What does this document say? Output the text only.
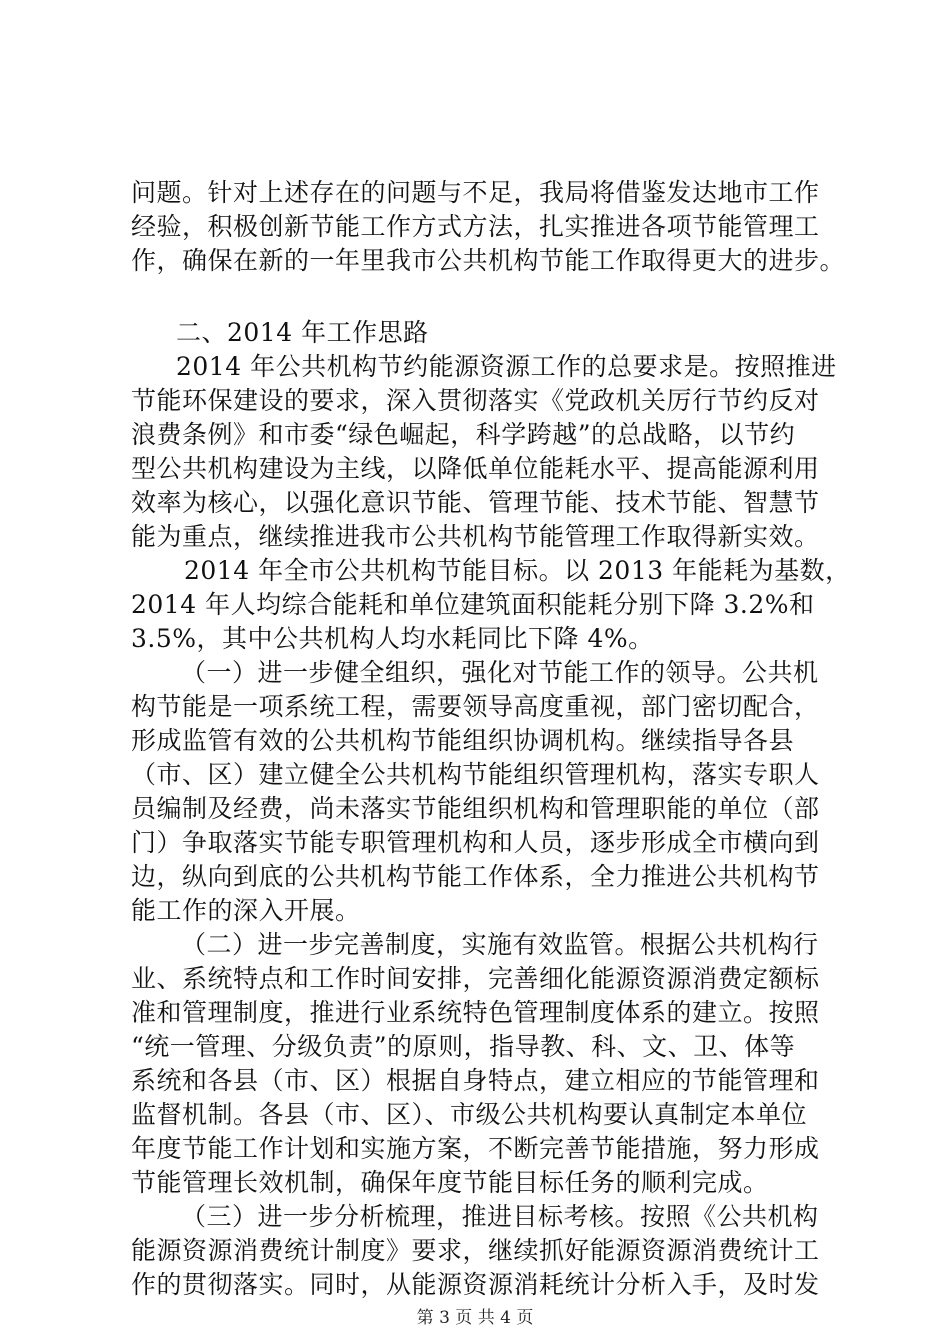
问题。针对上述存在的问题与不足，我局将借鉴发达地市工作
经验，积极创新节能工作方式方法，扎实推进各项节能管理工
作，确保在新的一年里我市公共机构节能工作取得更大的进步。
二、2014 年工作思路
2014 年公共机构节约能源资源工作的总要求是。按照推进
节能环保建设的要求，深入贯彻落实《党政机关厉行节约反对
浪费条例》和市委“绿色崛起，科学跨越”的总战略，以节约
型公共机构建设为主线，以降低单位能耗水平、提高能源利用
效率为核心，以强化意识节能、管理节能、技术节能、智慧节
能为重点，继续推进我市公共机构节能管理工作取得新实效。
2014 年全市公共机构节能目标。以 2013 年能耗为基数，
2014 年人均综合能耗和单位建筑面积能耗分别下降 3.2%和
3.5%，其中公共机构人均水耗同比下降 4%。
（一）进一步健全组织，强化对节能工作的领导。公共机
构节能是一项系统工程，需要领导高度重视，部门密切配合，
形成监管有效的公共机构节能组织协调机构。继续指导各县
（市、区）建立健全公共机构节能组织管理机构，落实专职人
员编制及经费，尚未落实节能组织机构和管理职能的单位（部
门）争取落实节能专职管理机构和人员，逐步形成全市横向到
边，纵向到底的公共机构节能工作体系，全力推进公共机构节
能工作的深入开展。
（二）进一步完善制度，实施有效监管。根据公共机构行
业、系统特点和工作时间安排，完善细化能源资源消费定额标
准和管理制度，推进行业系统特色管理制度体系的建立。按照
“统一管理、分级负责”的原则，指导教、科、文、卫、体等
系统和各县（市、区）根据自身特点，建立相应的节能管理和
监督机制。各县（市、区）、市级公共机构要认真制定本单位
年度节能工作计划和实施方案，不断完善节能措施，努力形成
节能管理长效机制，确保年度节能目标任务的顺利完成。
（三）进一步分析梳理，推进目标考核。按照《公共机构
能源资源消费统计制度》要求，继续抓好能源资源消费统计工
作的贯彻落实。同时，从能源资源消耗统计分析入手，及时发
第 3 页 共 4 页
